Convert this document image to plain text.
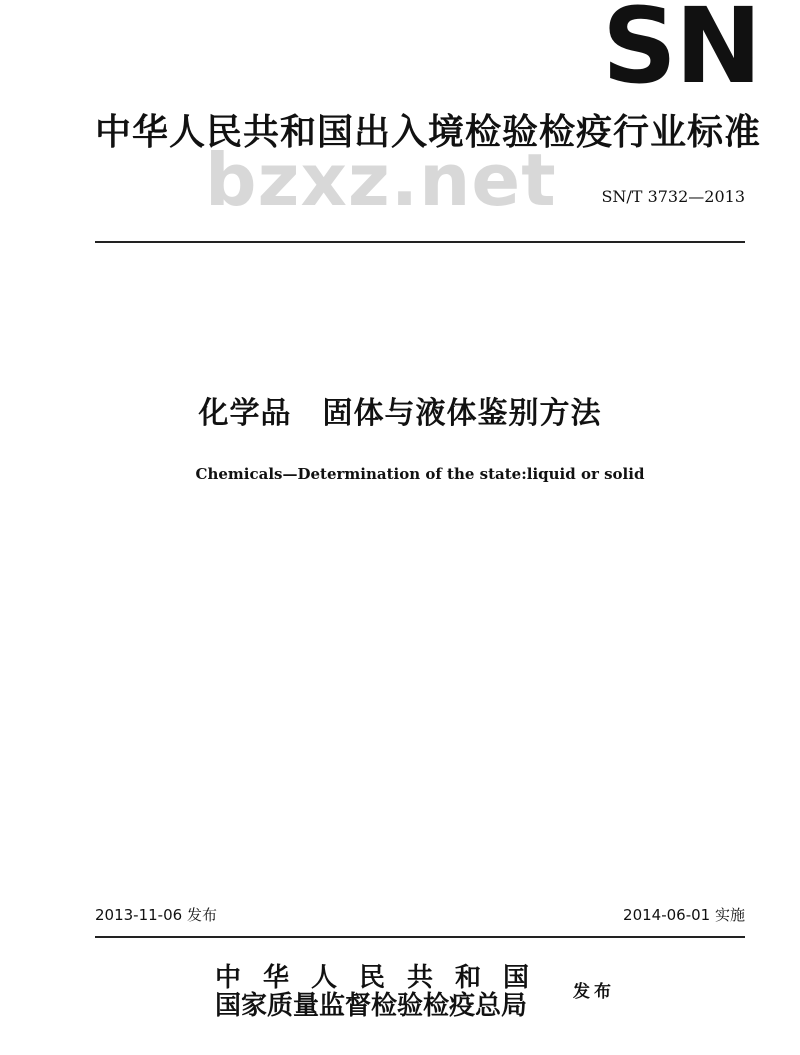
SN
中华人民共和国出入境检验检疫行业标准
bzxz.net	SN/T 3732—2013
化学品　固体与液体鉴别方法
Chemicals—Determination of the state:liquid or solid
2013-11-06 发布	2014-06-01 实施
中华人民共和国
国家质量监督检验检疫总局	发布
